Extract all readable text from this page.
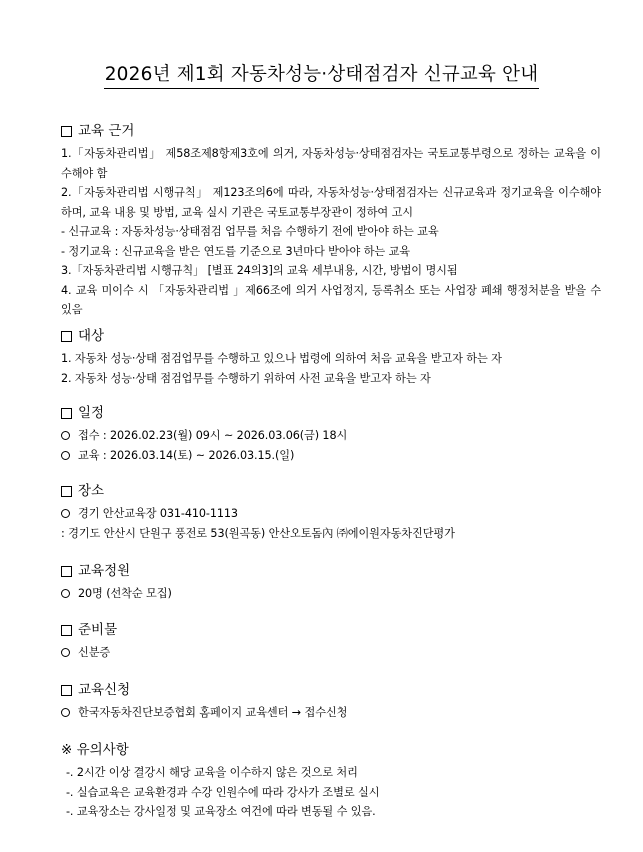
2026년 제1회 자동차성능·상태점검자 신규교육 안내
교육 근거
1.「자동차관리법」 제58조제8항제3호에 의거, 자동차성능·상태점검자는 국토교통부령으로 정하는 교육을 이수해야 함
2.「자동차관리법 시행규칙」 제123조의6에 따라, 자동차성능·상태점검자는 신규교육과 정기교육을 이수해야 하며, 교육 내용 및 방법, 교육 실시 기관은 국토교통부장관이 정하여 고시
- 신규교육 : 자동차성능·상태점검 업무를 처음 수행하기 전에 받아야 하는 교육
- 정기교육 : 신규교육을 받은 연도를 기준으로 3년마다 받아야 하는 교육
3.「자동차관리법 시행규칙」 [별표 24의3]의 교육 세부내용, 시간, 방법이 명시됨
4. 교육 미이수 시 「자동차관리법 」제66조에 의거 사업정지, 등록취소 또는 사업장 폐쇄 행정처분을 받을 수 있음
대상
1. 자동차 성능·상태 점검업무를 수행하고 있으나 법령에 의하여 처음 교육을 받고자 하는 자
2. 자동차 성능·상태 점검업무를 수행하기 위하여 사전 교육을 받고자 하는 자
일정
접수 : 2026.02.23(월) 09시 ~ 2026.03.06(금) 18시
교육 : 2026.03.14(토) ~ 2026.03.15.(일)
장소
경기 안산교육장 031-410-1113
: 경기도 안산시 단원구 풍전로 53(원곡동) 안산오토돔內 ㈜에이원자동차진단평가
교육정원
20명 (선착순 모집)
준비물
신분증
교육신청
한국자동차진단보증협회 홈페이지 교육센터 → 접수신청
※ 유의사항
-. 2시간 이상 결강시 해당 교육을 이수하지 않은 것으로 처리
-. 실습교육은 교육환경과 수강 인원수에 따라 강사가 조별로 실시
-. 교육장소는 강사일정 및 교육장소 여건에 따라 변동될 수 있음.
